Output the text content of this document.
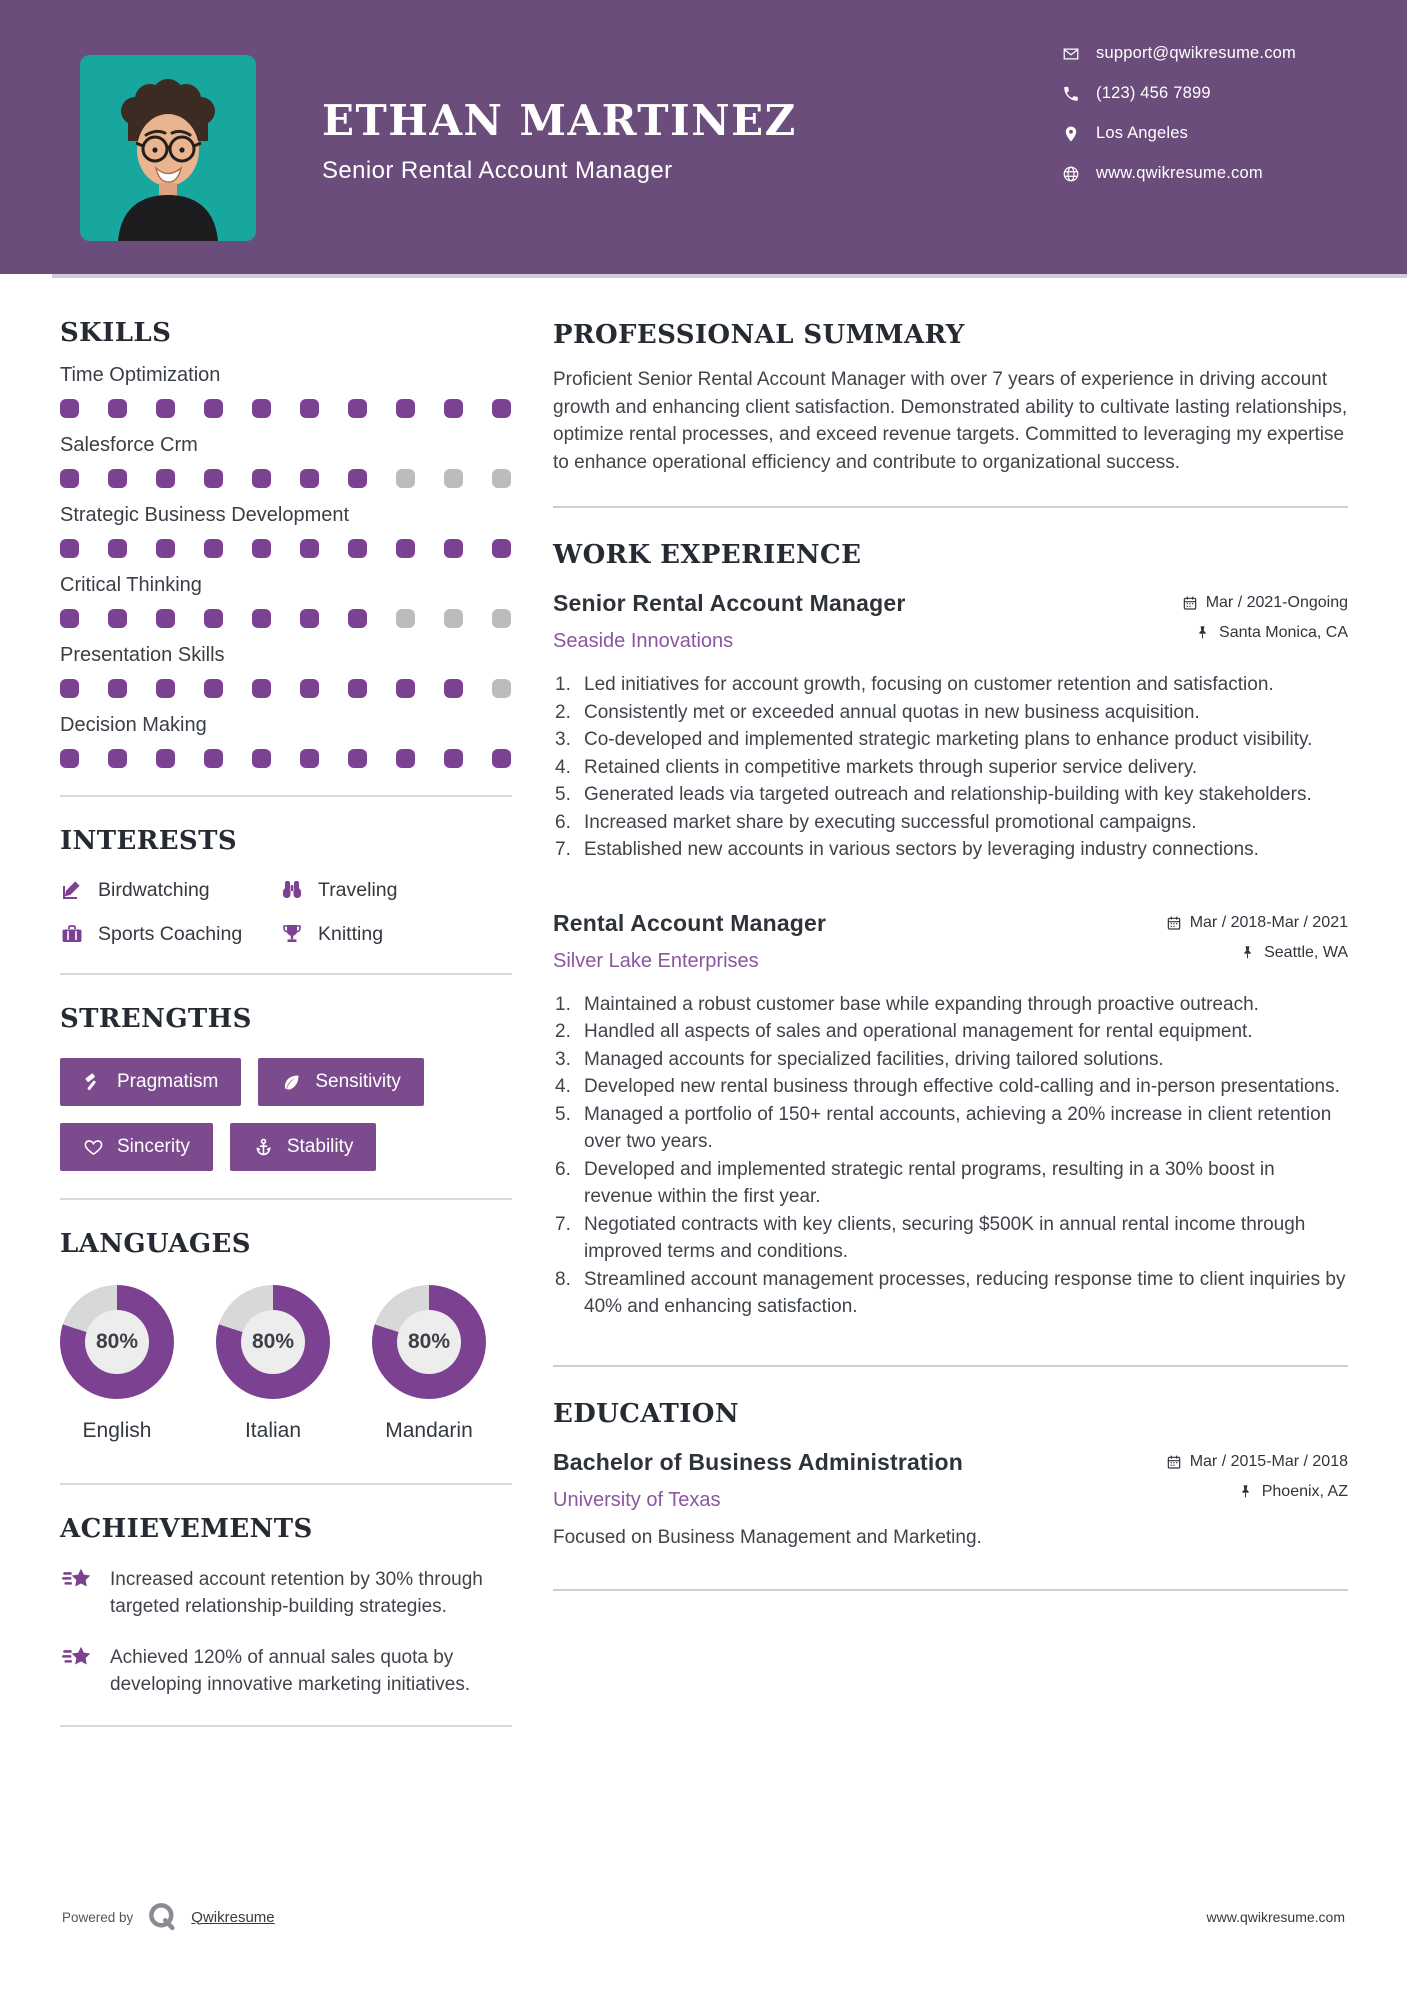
ETHAN MARTINEZ
Senior Rental Account Manager
support@qwikresume.com
(123) 456 7899
Los Angeles
www.qwikresume.com
SKILLS
Time Optimization
Salesforce Crm
Strategic Business Development
Critical Thinking
Presentation Skills
Decision Making
INTERESTS
Birdwatching	Traveling
Sports Coaching	Knitting
STRENGTHS
Pragmatism	Sensitivity
Sincerity	Stability
LANGUAGES
80%
English
80%
Italian
80%
Mandarin
ACHIEVEMENTS

Increased account retention by 30% through targeted relationship-building strategies.

Achieved 120% of annual sales quota by developing innovative marketing initiatives.

PROFESSIONAL SUMMARY

Proficient Senior Rental Account Manager with over 7 years of experience in driving account growth and enhancing client satisfaction. Demonstrated ability to cultivate lasting relationships, optimize rental processes, and exceed revenue targets. Committed to leveraging my expertise to enhance operational efficiency and contribute to organizational success.

WORK EXPERIENCE
Senior Rental Account Manager
Seaside Innovations
Mar / 2021-Ongoing
Santa Monica, CA
Led initiatives for account growth, focusing on customer retention and satisfaction.
Consistently met or exceeded annual quotas in new business acquisition.
Co-developed and implemented strategic marketing plans to enhance product visibility.
Retained clients in competitive markets through superior service delivery.
Generated leads via targeted outreach and relationship-building with key stakeholders.
Increased market share by executing successful promotional campaigns.
Established new accounts in various sectors by leveraging industry connections.
Rental Account Manager
Silver Lake Enterprises
Mar / 2018-Mar / 2021
Seattle, WA
Maintained a robust customer base while expanding through proactive outreach.
Handled all aspects of sales and operational management for rental equipment.
Managed accounts for specialized facilities, driving tailored solutions.
Developed new rental business through effective cold-calling and in-person presentations.
Managed a portfolio of 150+ rental accounts, achieving a 20% increase in client retention over two years.
Developed and implemented strategic rental programs, resulting in a 30% boost in revenue within the first year.
Negotiated contracts with key clients, securing $500K in annual rental income through improved terms and conditions.
Streamlined account management processes, reducing response time to client inquiries by 40% and enhancing satisfaction.
EDUCATION
Bachelor of Business Administration
University of Texas
Mar / 2015-Mar / 2018
Phoenix, AZ

Focused on Business Management and Marketing.

Powered by	Qwikresume	www.qwikresume.com
